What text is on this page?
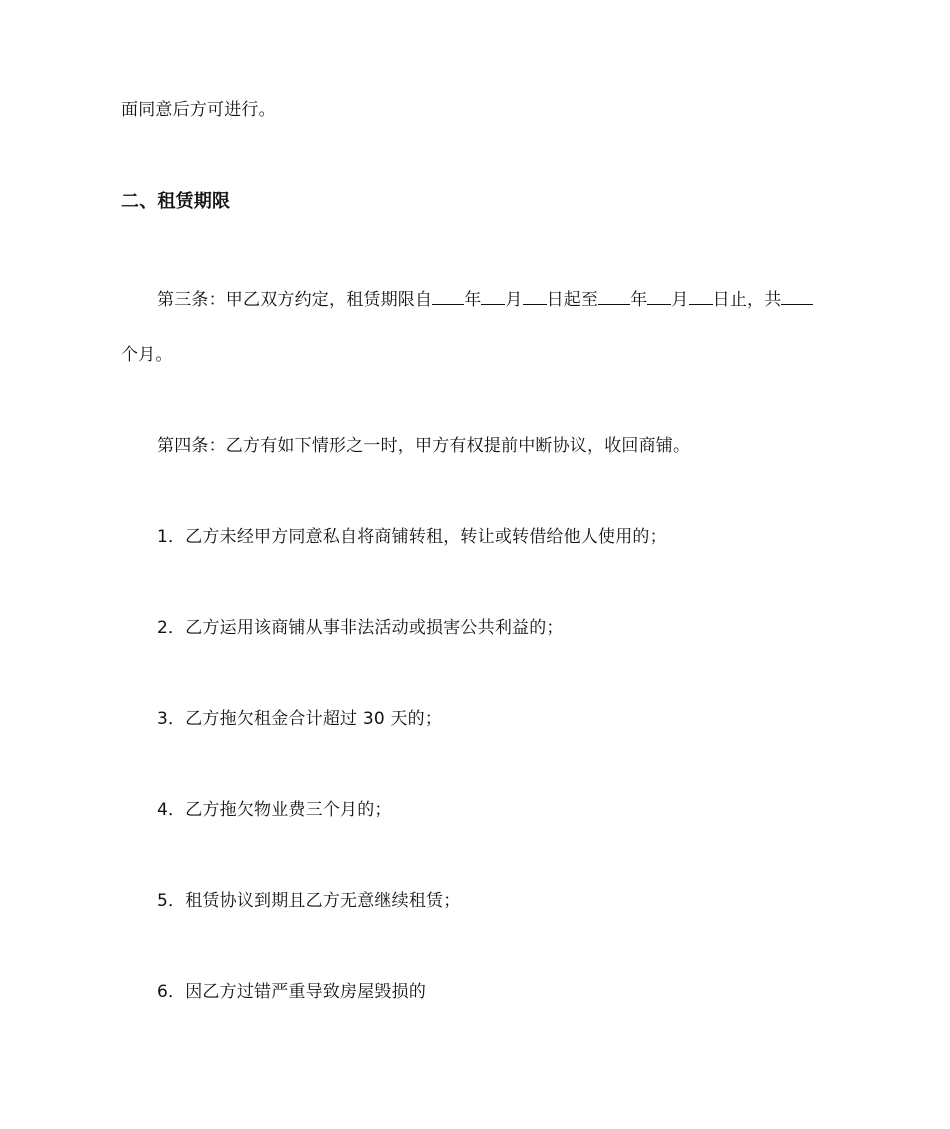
面同意后方可进行。
二、租赁期限
第三条：甲乙双方约定，租赁期限自 年 月 日起至 年 月 日止，共
个月。
第四条：乙方有如下情形之一时，甲方有权提前中断协议，收回商铺。
1．乙方未经甲方同意私自将商铺转租，转让或转借给他人使用的；
2．乙方运用该商铺从事非法活动或损害公共利益的；
3．乙方拖欠租金合计超过 30 天的；
4．乙方拖欠物业费三个月的；
5．租赁协议到期且乙方无意继续租赁；
6．因乙方过错严重导致房屋毁损的
